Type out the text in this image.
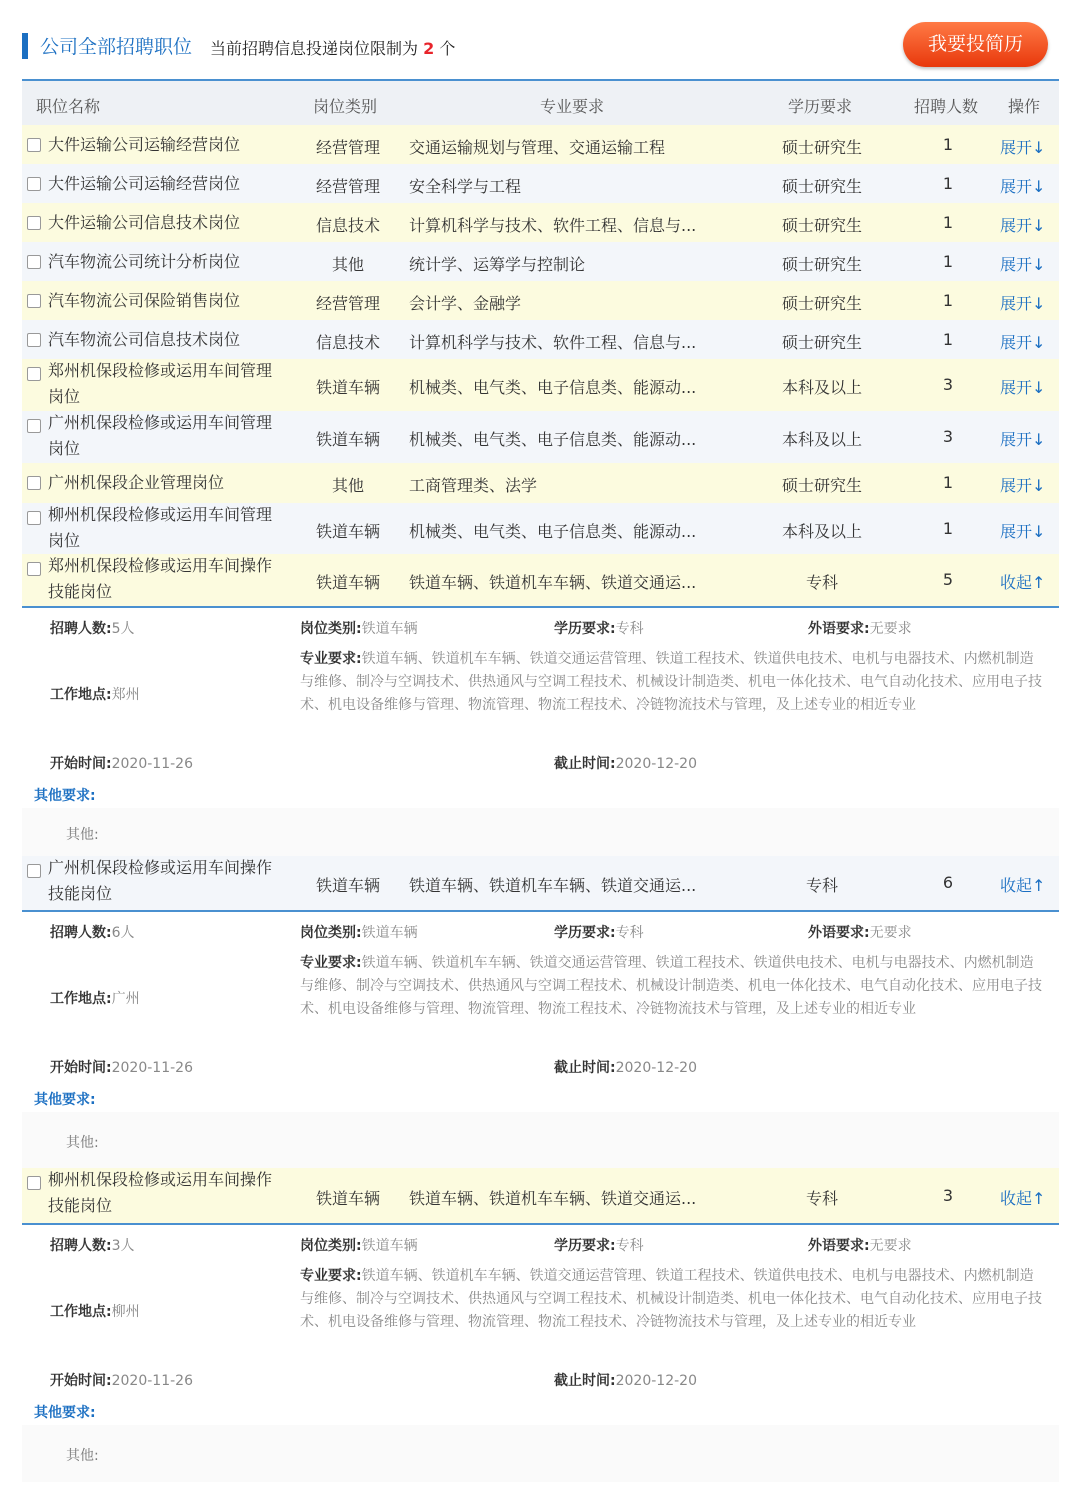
公司全部招聘职位 当前招聘信息投递岗位限制为 2 个	我要投简历
职位名称	岗位类别	专业要求	学历要求	招聘人数 操作
大件运输公司运输经营岗位	经营管理 交通运输规划与管理、交通运输工程	硕士研究生	1	展开↓
大件运输公司运输经营岗位	经营管理 安全科学与工程	硕士研究生	1	展开↓
大件运输公司信息技术岗位	信息技术 计算机科学与技术、软件工程、信息与...	硕士研究生	1	展开↓
汽车物流公司统计分析岗位	其他	统计学、运筹学与控制论	硕士研究生	1	展开↓
汽车物流公司保险销售岗位	经营管理 会计学、金融学	硕士研究生	1	展开↓
汽车物流公司信息技术岗位	信息技术 计算机科学与技术、软件工程、信息与...	硕士研究生	1	展开↓
郑州机保段检修或运用车间管理岗位	铁道车辆 机械类、电气类、电子信息类、能源动...	本科及以上	3	展开↓
广州机保段检修或运用车间管理岗位	铁道车辆 机械类、电气类、电子信息类、能源动...	本科及以上	3	展开↓
广州机保段企业管理岗位	其他	工商管理类、法学	硕士研究生	1	展开↓
柳州机保段检修或运用车间管理岗位	铁道车辆 机械类、电气类、电子信息类、能源动...	本科及以上	1	展开↓
郑州机保段检修或运用车间操作技能岗位	铁道车辆 铁道车辆、铁道机车车辆、铁道交通运...	专科	5	收起↑
招聘人数:5人	岗位类别:铁道车辆	学历要求:专科	外语要求:无要求
工作地点:郑州
专业要求:铁道车辆、铁道机车车辆、铁道交通运营管理、铁道工程技术、铁道供电技术、电机与电器技术、内燃机制造与维修、制冷与空调技术、供热通风与空调工程技术、机械设计制造类、机电一体化技术、电气自动化技术、应用电子技术、机电设备维修与管理、物流管理、物流工程技术、冷链物流技术与管理，及上述专业的相近专业
开始时间:2020-11-26	截止时间:2020-12-20
其他要求:
其他:
广州机保段检修或运用车间操作技能岗位	铁道车辆 铁道车辆、铁道机车车辆、铁道交通运...	专科	6	收起↑
招聘人数:6人	岗位类别:铁道车辆	学历要求:专科	外语要求:无要求
工作地点:广州
专业要求:铁道车辆、铁道机车车辆、铁道交通运营管理、铁道工程技术、铁道供电技术、电机与电器技术、内燃机制造与维修、制冷与空调技术、供热通风与空调工程技术、机械设计制造类、机电一体化技术、电气自动化技术、应用电子技术、机电设备维修与管理、物流管理、物流工程技术、冷链物流技术与管理，及上述专业的相近专业
开始时间:2020-11-26	截止时间:2020-12-20
其他要求:
其他:
柳州机保段检修或运用车间操作技能岗位	铁道车辆 铁道车辆、铁道机车车辆、铁道交通运...	专科	3	收起↑
招聘人数:3人	岗位类别:铁道车辆	学历要求:专科	外语要求:无要求
工作地点:柳州
专业要求:铁道车辆、铁道机车车辆、铁道交通运营管理、铁道工程技术、铁道供电技术、电机与电器技术、内燃机制造与维修、制冷与空调技术、供热通风与空调工程技术、机械设计制造类、机电一体化技术、电气自动化技术、应用电子技术、机电设备维修与管理、物流管理、物流工程技术、冷链物流技术与管理，及上述专业的相近专业
开始时间:2020-11-26	截止时间:2020-12-20
其他要求:
其他:
